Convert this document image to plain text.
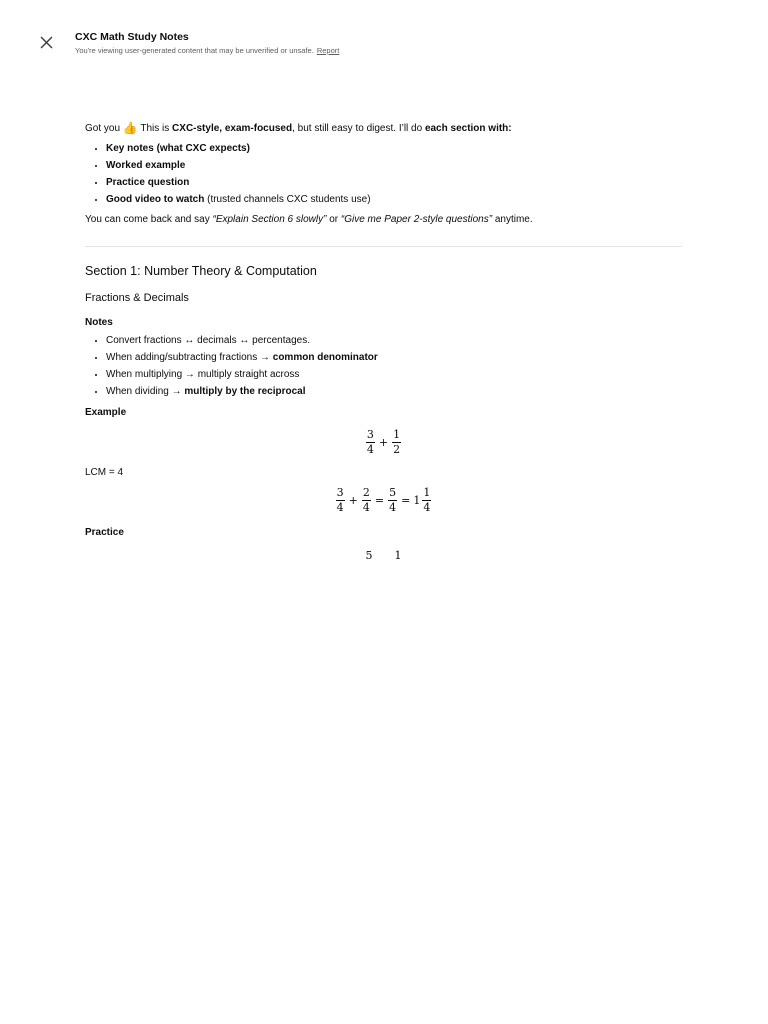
CXC Math Study Notes
You're viewing user-generated content that may be unverified or unsafe. Report

Got you 👍 This is CXC-style, exam-focused, but still easy to digest. I’ll do each section with:

• Key notes (what CXC expects)
• Worked example
• Practice question
• Good video to watch (trusted channels CXC students use)

You can come back and say “Explain Section 6 slowly” or “Give me Paper 2-style questions” anytime.

Section 1: Number Theory & Computation
Fractions & Decimals
Notes
• Convert fractions ↔ decimals ↔ percentages.
• When adding/subtracting fractions → common denominator
• When multiplying → multiply straight across
• When dividing → multiply by the reciprocal
Example
$\frac{3}{4} + \frac{1}{2}$

LCM = 4

$\frac{3}{4} + \frac{2}{4} = \frac{5}{4} = 1 \frac{1}{4}$
Practice
5 1
